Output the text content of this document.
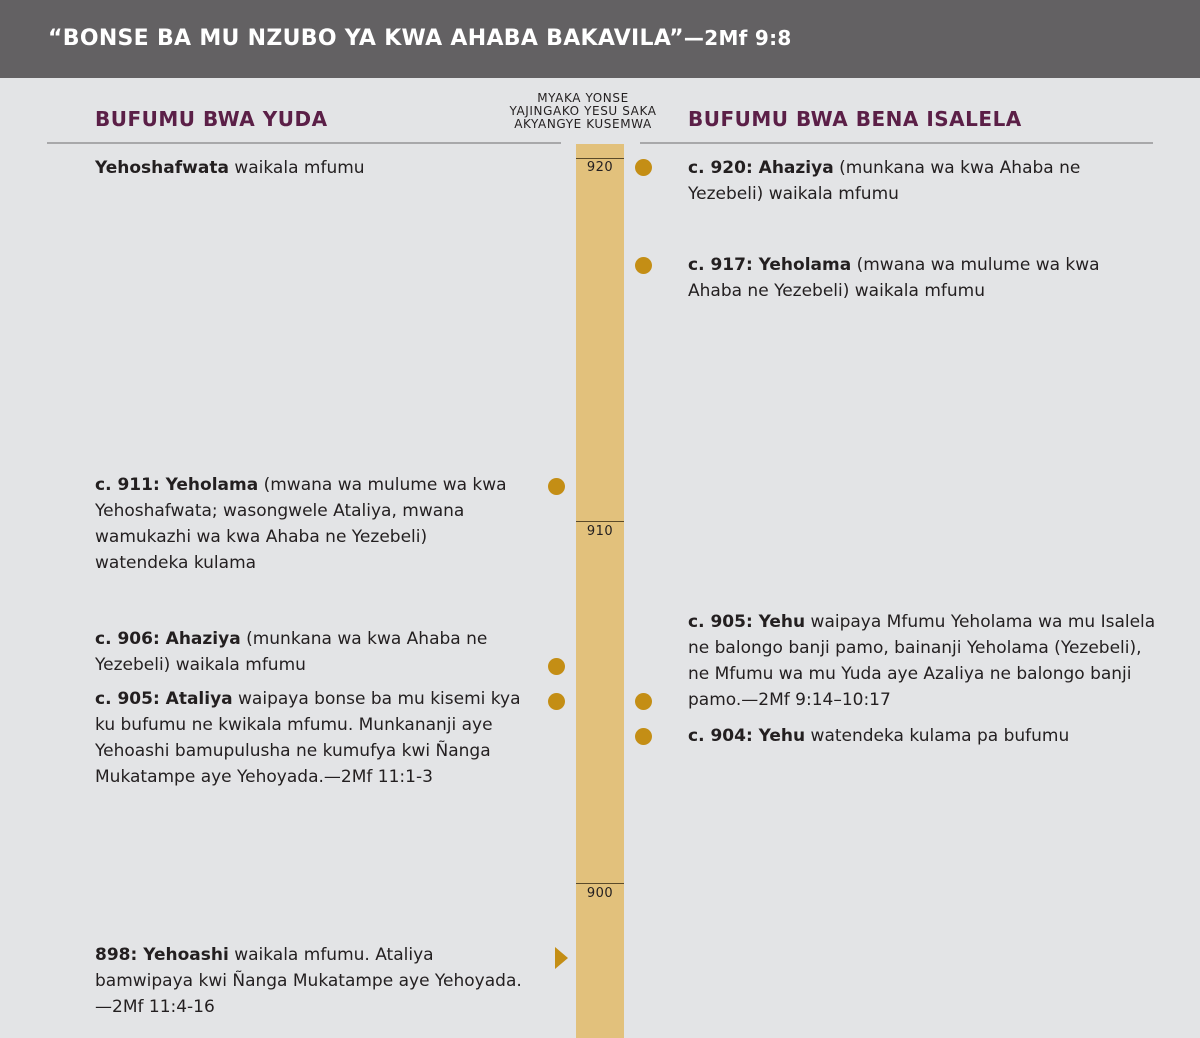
“BONSE BA MU NZUBO YA KWA AHABA BAKAVILA”—2Mf 9:8
BUFUMU BWA YUDA	BUFUMU BWA BENA ISALELA
MYAKA YONSE
YAJINGAKO YESU SAKA
AKYANGYE KUSEMWA
920
910
900
Yehoshafwata waikala mfumu
c. 911: Yeholama (mwana wa mulume wa kwa Yehoshafwata; wasongwele Ataliya, mwana wamukazhi wa kwa Ahaba ne Yezebeli) watendeka kulama
c. 906: Ahaziya (munkana wa kwa Ahaba ne Yezebeli) waikala mfumu
c. 905: Ataliya waipaya bonse ba mu kisemi kya ku bufumu ne kwikala mfumu. Munkananji aye Yehoashi bamupulusha ne kumufya kwi Ñanga Mukatampe aye Yehoyada.—2Mf 11:1-3
898: Yehoashi waikala mfumu. Ataliya bamwipaya kwi Ñanga Mukatampe aye Yehoyada.—2Mf 11:4-16
c. 920: Ahaziya (munkana wa kwa Ahaba ne Yezebeli) waikala mfumu
c. 917: Yeholama (mwana wa mulume wa kwa Ahaba ne Yezebeli) waikala mfumu
c. 905: Yehu waipaya Mfumu Yeholama wa mu Isalela ne balongo banji pamo, bainanji Yeholama (Yezebeli), ne Mfumu wa mu Yuda aye Azaliya ne balongo banji pamo.—2Mf 9:14–10:17
c. 904: Yehu watendeka kulama pa bufumu
